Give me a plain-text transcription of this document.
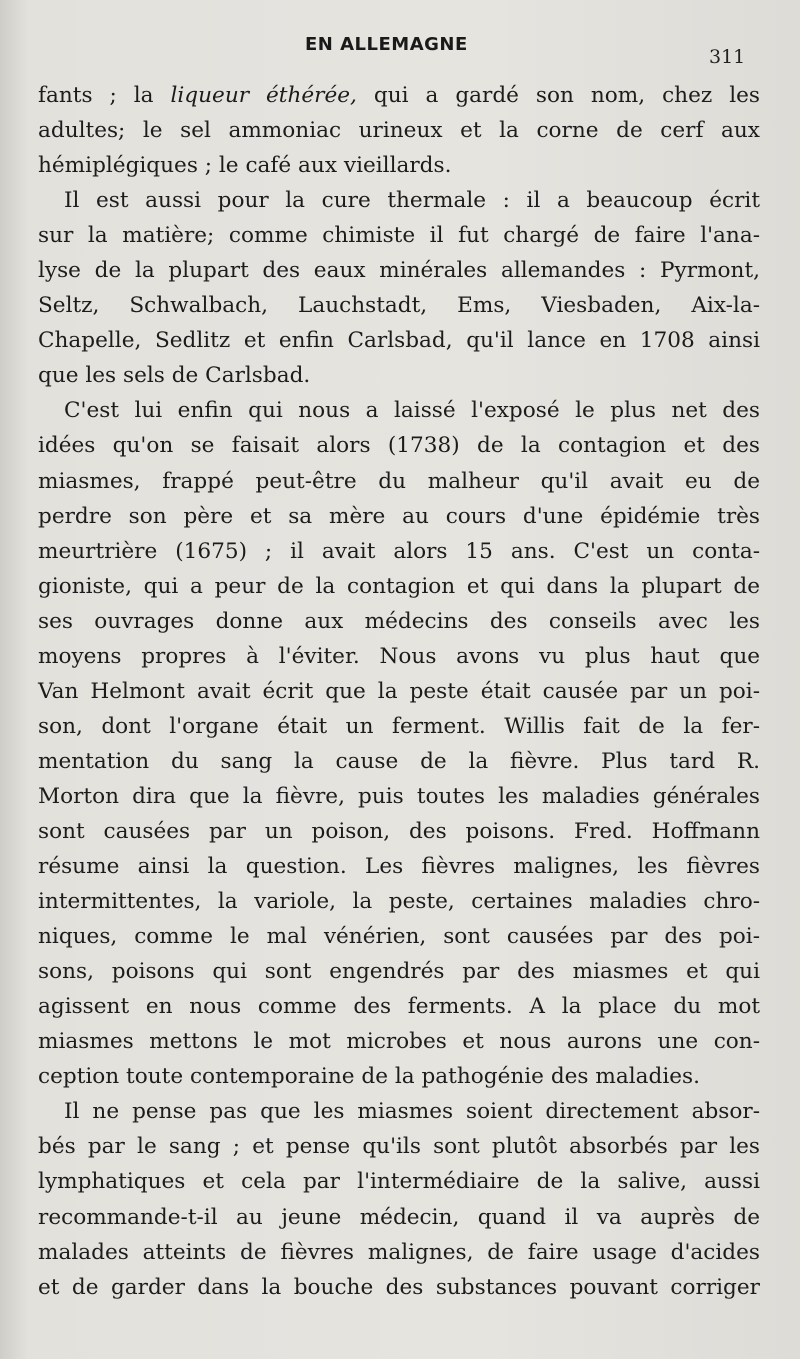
EN ALLEMAGNE
311
fants ; la liqueur éthérée, qui a gardé son nom, chez les
adultes; le sel ammoniac urineux et la corne de cerf aux
hémiplégiques ; le café aux vieillards.
Il est aussi pour la cure thermale : il a beaucoup écrit
sur la matière; comme chimiste il fut chargé de faire l'ana-
lyse de la plupart des eaux minérales allemandes : Pyrmont,
Seltz, Schwalbach, Lauchstadt, Ems, Viesbaden, Aix-la-
Chapelle, Sedlitz et enfin Carlsbad, qu'il lance en 1708 ainsi
que les sels de Carlsbad.
C'est lui enfin qui nous a laissé l'exposé le plus net des
idées qu'on se faisait alors (1738) de la contagion et des
miasmes, frappé peut-être du malheur qu'il avait eu de
perdre son père et sa mère au cours d'une épidémie très
meurtrière (1675) ; il avait alors 15 ans. C'est un conta-
gioniste, qui a peur de la contagion et qui dans la plupart de
ses ouvrages donne aux médecins des conseils avec les
moyens propres à l'éviter. Nous avons vu plus haut que
Van Helmont avait écrit que la peste était causée par un poi-
son, dont l'organe était un ferment. Willis fait de la fer-
mentation du sang la cause de la fièvre. Plus tard R.
Morton dira que la fièvre, puis toutes les maladies générales
sont causées par un poison, des poisons. Fred. Hoffmann
résume ainsi la question. Les fièvres malignes, les fièvres
intermittentes, la variole, la peste, certaines maladies chro-
niques, comme le mal vénérien, sont causées par des poi-
sons, poisons qui sont engendrés par des miasmes et qui
agissent en nous comme des ferments. A la place du mot
miasmes mettons le mot microbes et nous aurons une con-
ception toute contemporaine de la pathogénie des maladies.
Il ne pense pas que les miasmes soient directement absor-
bés par le sang ; et pense qu'ils sont plutôt absorbés par les
lymphatiques et cela par l'intermédiaire de la salive, aussi
recommande-t-il au jeune médecin, quand il va auprès de
malades atteints de fièvres malignes, de faire usage d'acides
et de garder dans la bouche des substances pouvant corriger
